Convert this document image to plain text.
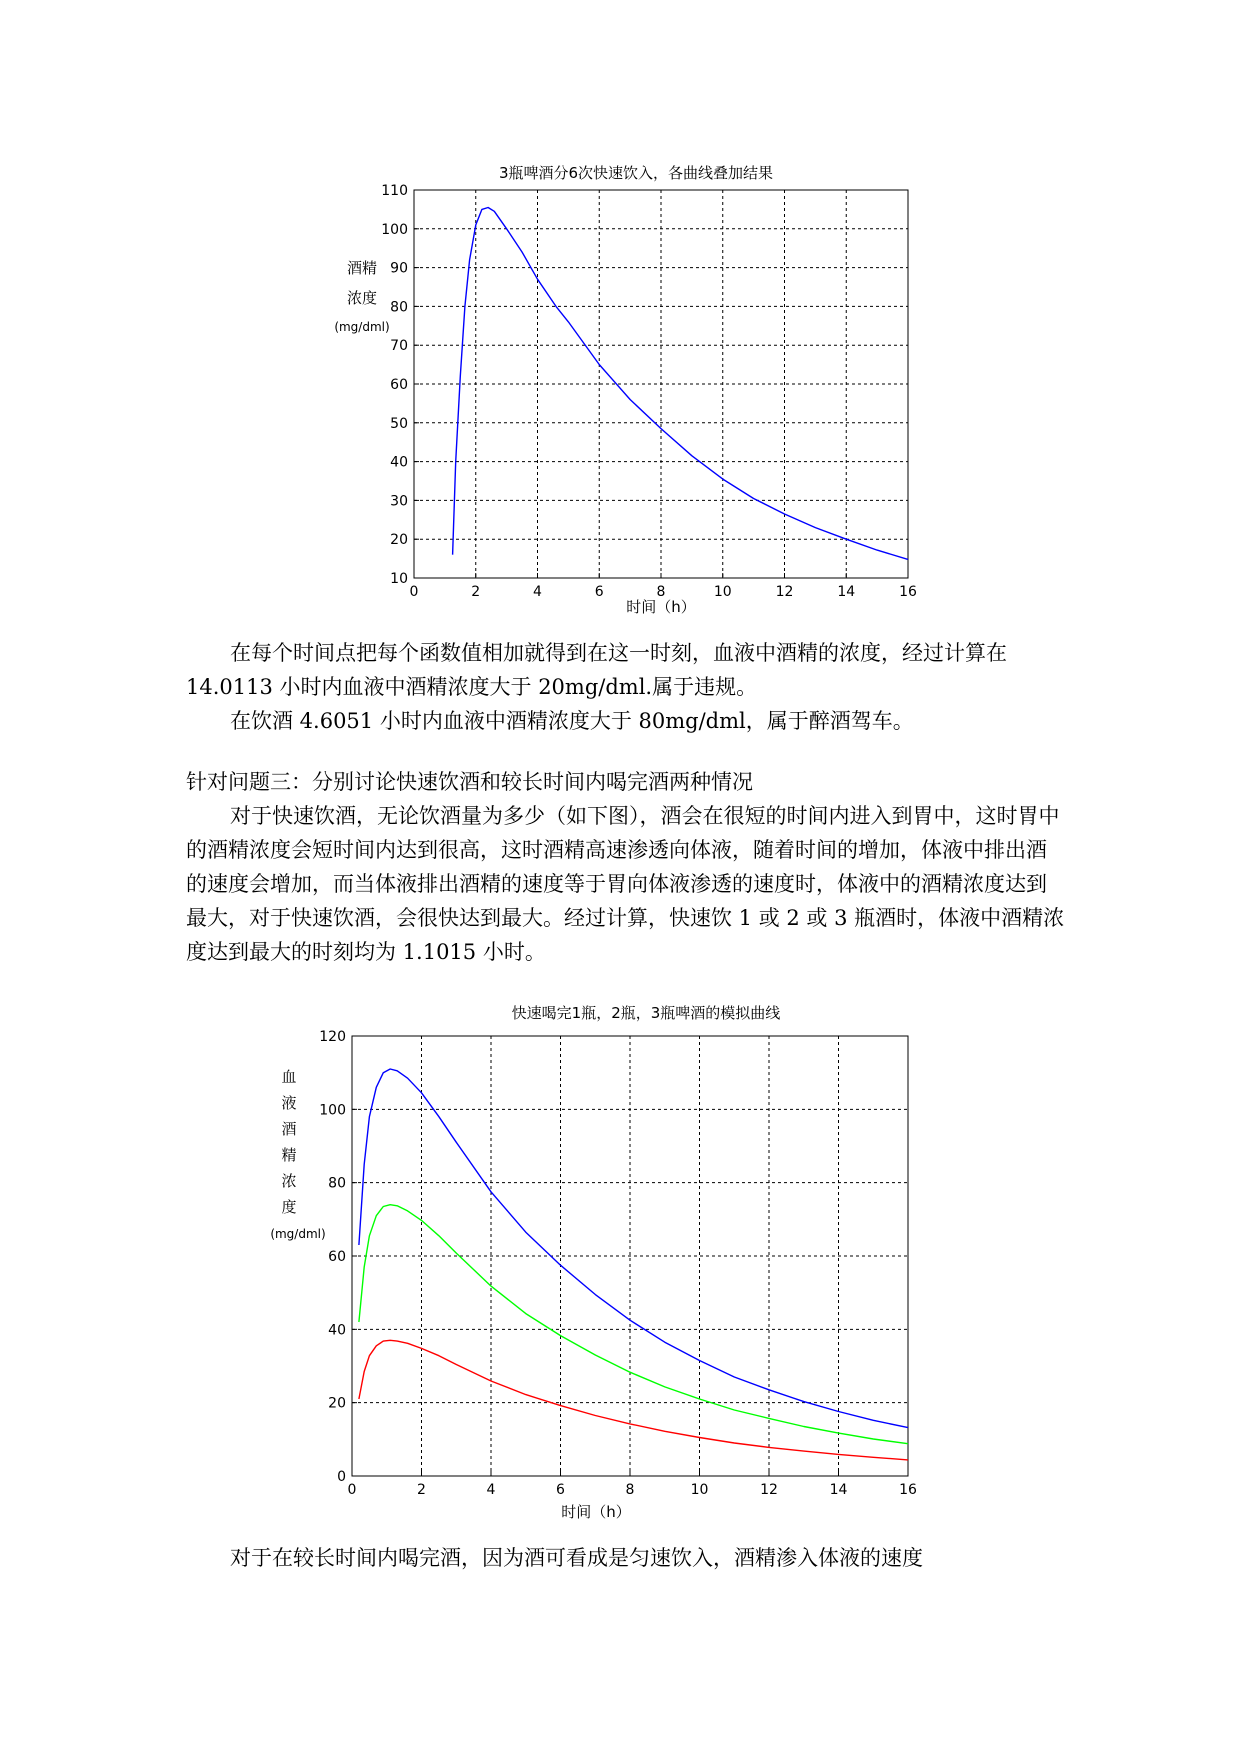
3瓶啤酒分6次快速饮入，各曲线叠加结果
0	2	4	6	8	10	12	14	16
10
20
30
40
50
60
70
80
90
100
110
时间（h）
酒精
浓度
(mg/dml)
快速喝完1瓶，2瓶，3瓶啤酒的模拟曲线
0	2	4	6	8	10	12	14	16
0
20
40
60
80
100
120
时间（h）
血
液
酒
精
浓
度
(mg/dml)

在每个时间点把每个函数值相加就得到在这一时刻，血液中酒精的浓度，经过计算在 14.0113 小时内血液中酒精浓度大于 20mg/dml.属于违规。

在饮酒 4.6051 小时内血液中酒精浓度大于 80mg/dml，属于醉酒驾车。

针对问题三：分别讨论快速饮酒和较长时间内喝完酒两种情况

对于快速饮酒，无论饮酒量为多少（如下图），酒会在很短的时间内进入到胃中，这时胃中的酒精浓度会短时间内达到很高，这时酒精高速渗透向体液，随着时间的增加，体液中排出酒的速度会增加，而当体液排出酒精的速度等于胃向体液渗透的速度时，体液中的酒精浓度达到最大，对于快速饮酒，会很快达到最大。经过计算，快速饮 1 或 2 或 3 瓶酒时，体液中酒精浓度达到最大的时刻均为 1.1015 小时。

对于在较长时间内喝完酒，因为酒可看成是匀速饮入，酒精渗入体液的速度
